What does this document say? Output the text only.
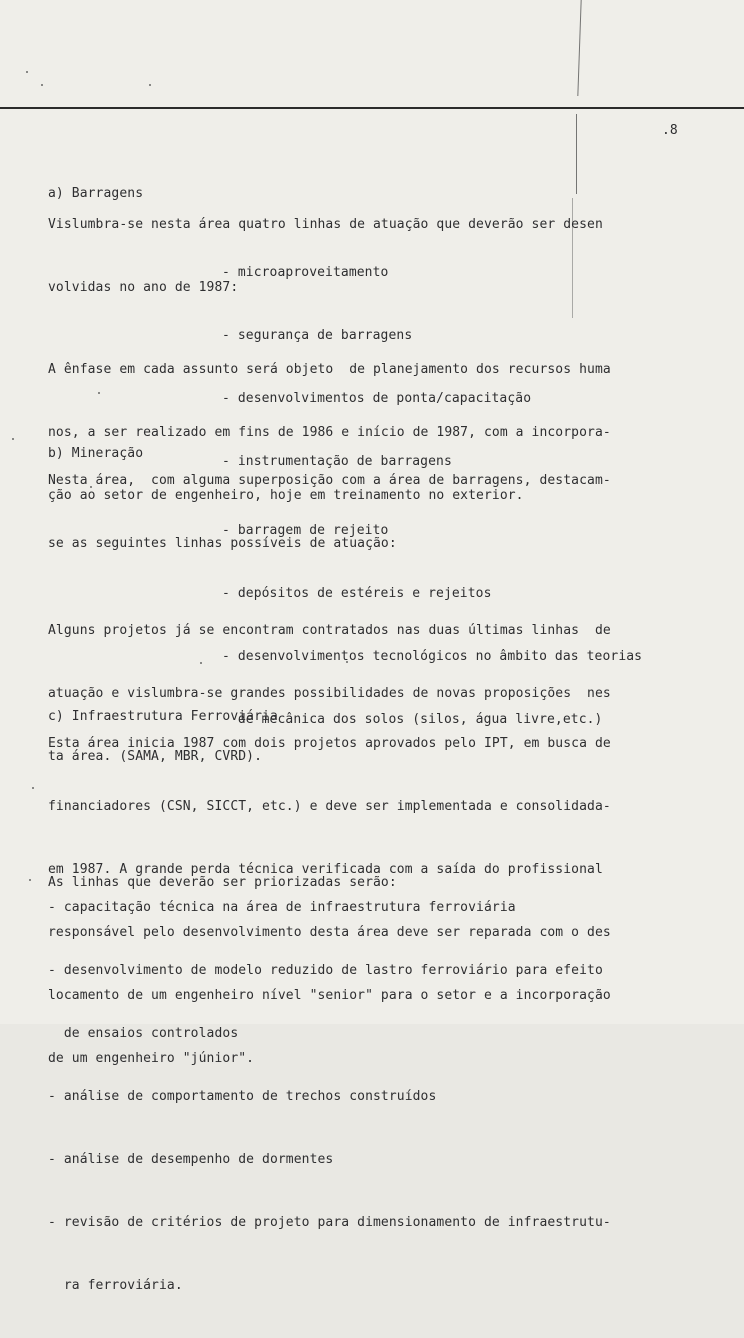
.8

a) Barragens

Vislumbra-se nesta área quatro linhas de atuação que deverão ser desen

volvidas no ano de 1987:

- microaproveitamento

- segurança de barragens

- desenvolvimentos de ponta/capacitação

- instrumentação de barragens

A ênfase em cada assunto será objeto  de planejamento dos recursos huma

nos, a ser realizado em fins de 1986 e início de 1987, com a incorpora-

ção ao setor de engenheiro, hoje em treinamento no exterior.

b) Mineração

Nesta área,  com alguma superposição com a área de barragens, destacam-

se as seguintes linhas possíveis de atuação:

- barragem de rejeito

- depósitos de estéreis e rejeitos

- desenvolvimentos tecnológicos no âmbito das teorias

de mecânica dos solos (silos, água livre,etc.)

Alguns projetos já se encontram contratados nas duas últimas linhas  de

atuação e vislumbra-se grandes possibilidades de novas proposições  nes

ta área. (SAMA, MBR, CVRD).

c) Infraestrutura Ferroviária

Esta área inicia 1987 com dois projetos aprovados pelo IPT, em busca de

financiadores (CSN, SICCT, etc.) e deve ser implementada e consolidada-

em 1987. A grande perda técnica verificada com a saída do profissional

responsável pelo desenvolvimento desta área deve ser reparada com o des

locamento de um engenheiro nível "senior" para o setor e a incorporação

de um engenheiro "júnior".

As linhas que deverão ser priorizadas serão:

- capacitação técnica na área de infraestrutura ferroviária

- desenvolvimento de modelo reduzido de lastro ferroviário para efeito

de ensaios controlados

- análise de comportamento de trechos construídos

- análise de desempenho de dormentes

- revisão de critérios de projeto para dimensionamento de infraestrutu-

ra ferroviária.
